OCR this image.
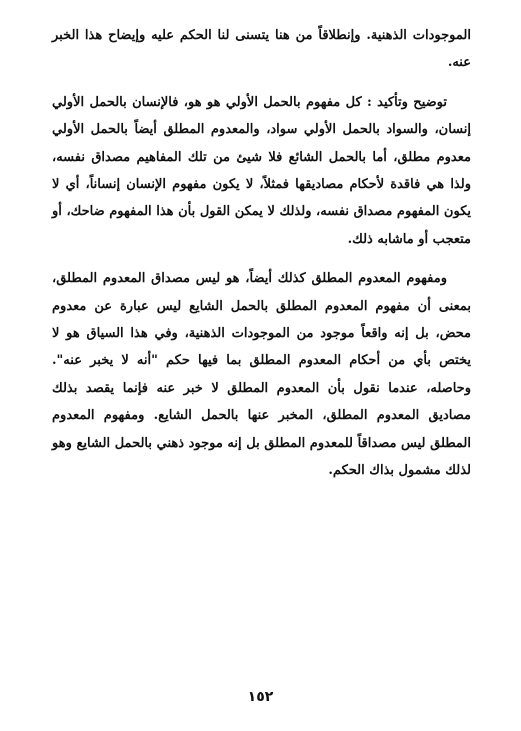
الموجودات الذهنية. وإنطلاقاً من هنا يتسنى لنا الحكم عليه وإيضاح هذا الخبر عنه.

توضيح وتأكيد : كل مفهوم بالحمل الأولي هو هو، فالإنسان بالحمل الأولي إنسان، والسواد بالحمل الأولي سواد، والمعدوم المطلق أيضاً بالحمل الأولي معدوم مطلق، أما بالحمل الشائع فلا شيئ من تلك المفاهيم مصداق نفسه، ولذا هي فاقدة لأحكام مصاديقها فمثلاً، لا يكون مفهوم الإنسان إنساناً، أي لا يكون المفهوم مصداق نفسه، ولذلك لا يمكن القول بأن هذا المفهوم ضاحك، أو متعجب أو ماشابه ذلك.

ومفهوم المعدوم المطلق كذلك أيضاً، هو ليس مصداق المعدوم المطلق، بمعنى أن مفهوم المعدوم المطلق بالحمل الشايع ليس عبارة عن معدوم محض، بل إنه واقعاً موجود من الموجودات الذهنية، وفي هذا السياق هو لا يختص بأي من أحكام المعدوم المطلق بما فيها حكم "أنه لا يخبر عنه". وحاصله، عندما نقول بأن المعدوم المطلق لا خبر عنه فإنما يقصد بذلك مصاديق المعدوم المطلق، المخبر عنها بالحمل الشايع. ومفهوم المعدوم المطلق ليس مصداقاً للمعدوم المطلق بل إنه موجود ذهني بالحمل الشايع وهو لذلك مشمول بذاك الحكم.

١٥٢
